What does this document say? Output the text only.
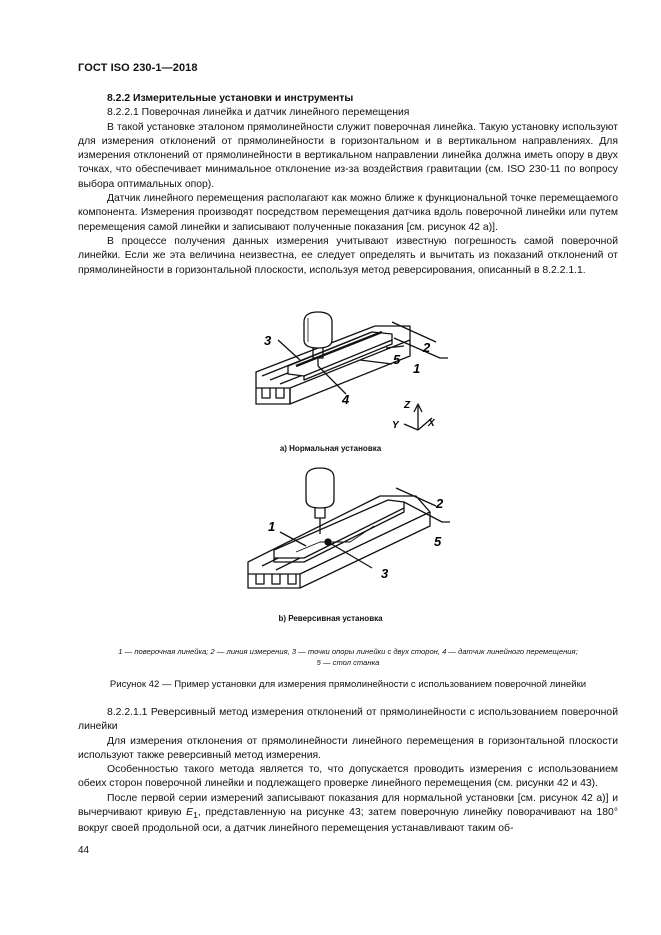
ГОСТ ISO 230-1—2018

8.2.2 Измерительные установки и инструменты

8.2.2.1 Поверочная линейка и датчик линейного перемещения

В такой установке эталоном прямолинейности служит поверочная линейка. Такую установку используют для измерения отклонений от прямолинейности в горизонтальном и в вертикальном направлениях. Для измерения отклонений от прямолинейности в вертикальном направлении линейка должна иметь опору в двух точках, что обеспечивает минимальное отклонение из-за воздействия гравитации (см. ISO 230-11 по вопросу выбора оптимальных опор).

Датчик линейного перемещения располагают как можно ближе к функциональной точке перемещаемого компонента. Измерения производят посредством перемещения датчика вдоль поверочной линейки или путем перемещения самой линейки и записывают полученные показания [см. рисунок 42 а)].

В процессе получения данных измерения учитывают известную погрешность самой поверочной линейки. Если же эта величина неизвестна, ее следует определять и вычитать из показаний отклонений от прямолинейности в горизонтальной плоскости, используя метод реверсирования, описанный в 8.2.2.1.1.

3	2
1
5
4	Z
Y	X
а) Нормальная установка
1
2
5
3
b) Реверсивная установка
1 — поверочная линейка; 2 — линия измерения, 3 — точки опоры линейки с двух сторон, 4 — датчик линейного перемещения;
5 — стол станка
Рисунок 42 — Пример установки для измерения прямолинейности с использованием поверочной линейки

8.2.2.1.1 Реверсивный метод измерения отклонений от прямолинейности с использованием поверочной линейки

Для измерения отклонения от прямолинейности линейного перемещения в горизонтальной плоскости используют также реверсивный метод измерения.

Особенностью такого метода является то, что допускается проводить измерения с использованием обеих сторон поверочной линейки и подлежащего проверке линейного перемещения (см. рисунки 42 и 43).

После первой серии измерений записывают показания для нормальной установки [см. рисунок 42 а)] и вычерчивают кривую $E_1$, представленную на рисунке 43; затем поверочную линейку поворачивают на 180° вокруг своей продольной оси, а датчик линейного перемещения устанавливают таким об-

44
